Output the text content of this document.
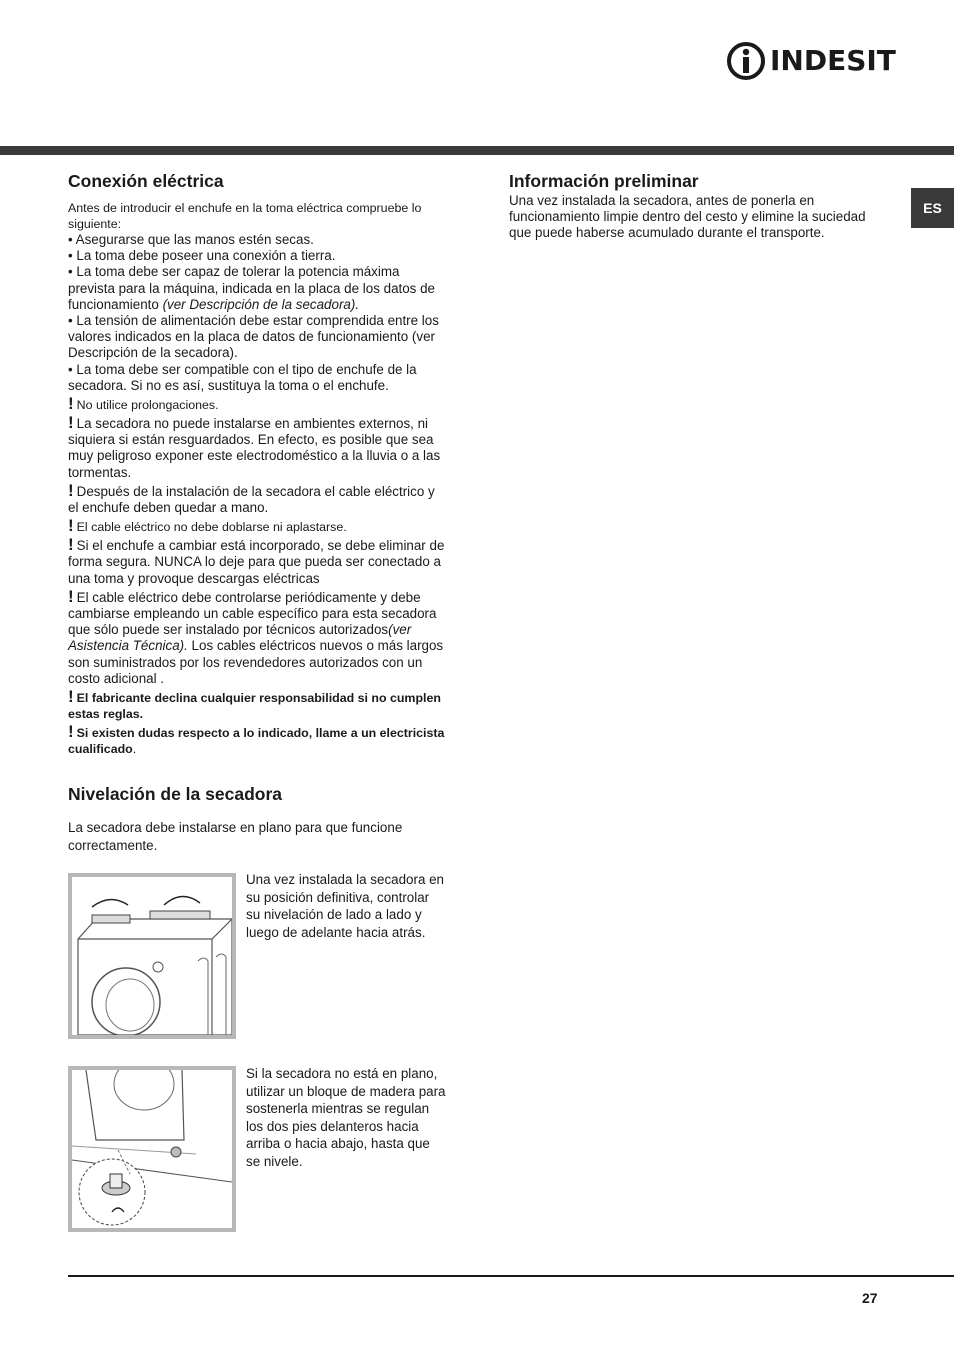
INDESIT
ES
Conexión eléctrica

Antes de introducir el enchufe en la toma eléctrica compruebe lo siguiente:

• Asegurarse que las manos estén secas.

• La toma debe poseer una conexión a tierra.

• La toma debe ser capaz de tolerar la potencia máxima prevista para la máquina, indicada en la placa de los datos de funcionamiento (ver Descripción de la secadora).

• La tensión de alimentación debe estar comprendida entre los valores indicados en la placa de datos de funcionamiento (ver Descripción de la secadora).

• La toma debe ser compatible con el tipo de enchufe de la secadora. Si no es así, sustituya la toma o el enchufe.

! No utilice prolongaciones.

! La secadora no puede instalarse en ambientes externos, ni siquiera si están resguardados. En efecto, es posible que sea muy peligroso exponer este electrodoméstico a la lluvia o a las tormentas.

! Después de la instalación de la secadora el cable eléctrico y el enchufe deben quedar a mano.

! El cable eléctrico no debe doblarse ni aplastarse.

! Si el enchufe a cambiar está incorporado, se debe eliminar de forma segura. NUNCA lo deje para que pueda ser conectado a una toma y provoque descargas eléctricas

! El cable eléctrico debe controlarse periódicamente y debe cambiarse empleando un cable específico para esta secadora que sólo puede ser instalado por técnicos autorizados(ver Asistencia Técnica). Los cables eléctricos nuevos o más largos son suministrados por los revendedores autorizados con un costo adicional .

! El fabricante declina cualquier responsabilidad si no cumplen estas reglas.

! Si existen dudas respecto a lo indicado, llame a un electricista cualificado.

Nivelación de la secadora

La secadora debe instalarse en plano para que funcione correctamente.

Una vez instalada la secadora en su posición definitiva, controlar su nivelación de lado a lado y luego de adelante hacia atrás.

Si la secadora no está en plano, utilizar un bloque de madera para sostenerla mientras se regulan los dos pies delanteros hacia arriba o hacia abajo, hasta que se nivele.

Información preliminar

Una vez instalada la secadora, antes de ponerla en funcionamiento limpie dentro del cesto y elimine la suciedad que puede haberse acumulado durante el transporte.

27
